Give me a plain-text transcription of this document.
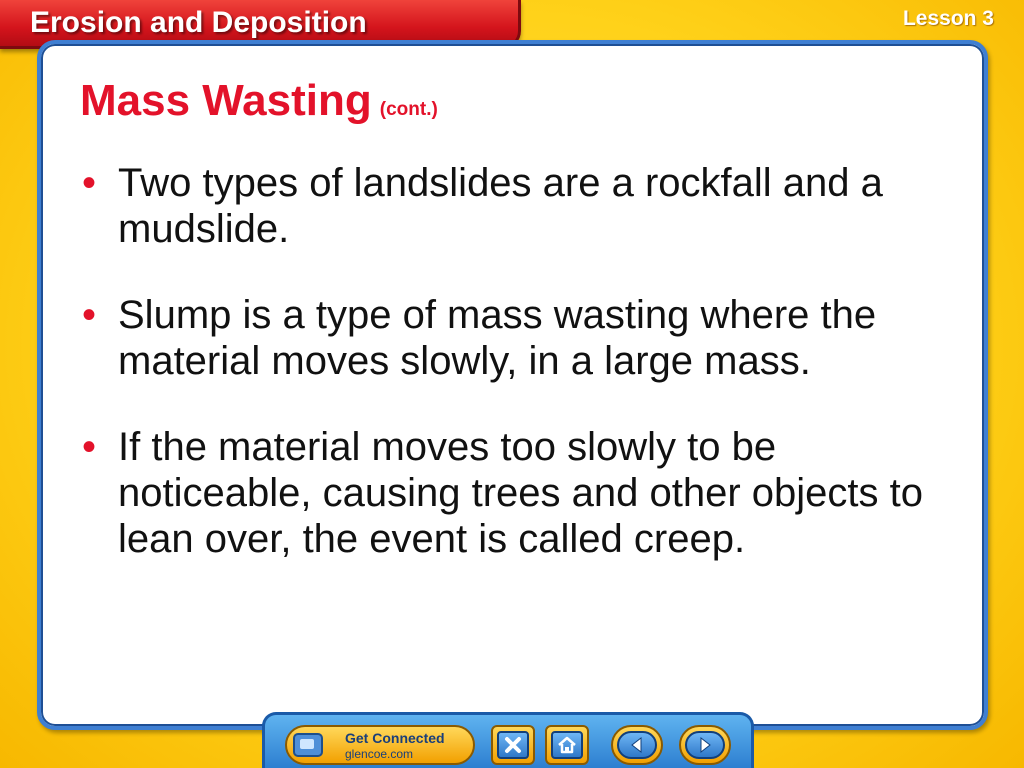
Erosion and Deposition	Lesson 3
Mass Wasting (cont.)
• Two types of landslides are a rockfall and a mudslide.
• Slump is a type of mass wasting where the material moves slowly, in a large mass.
• If the material moves too slowly to be noticeable, causing trees and other objects to lean over, the event is called creep.
Get Connected
glencoe.com
